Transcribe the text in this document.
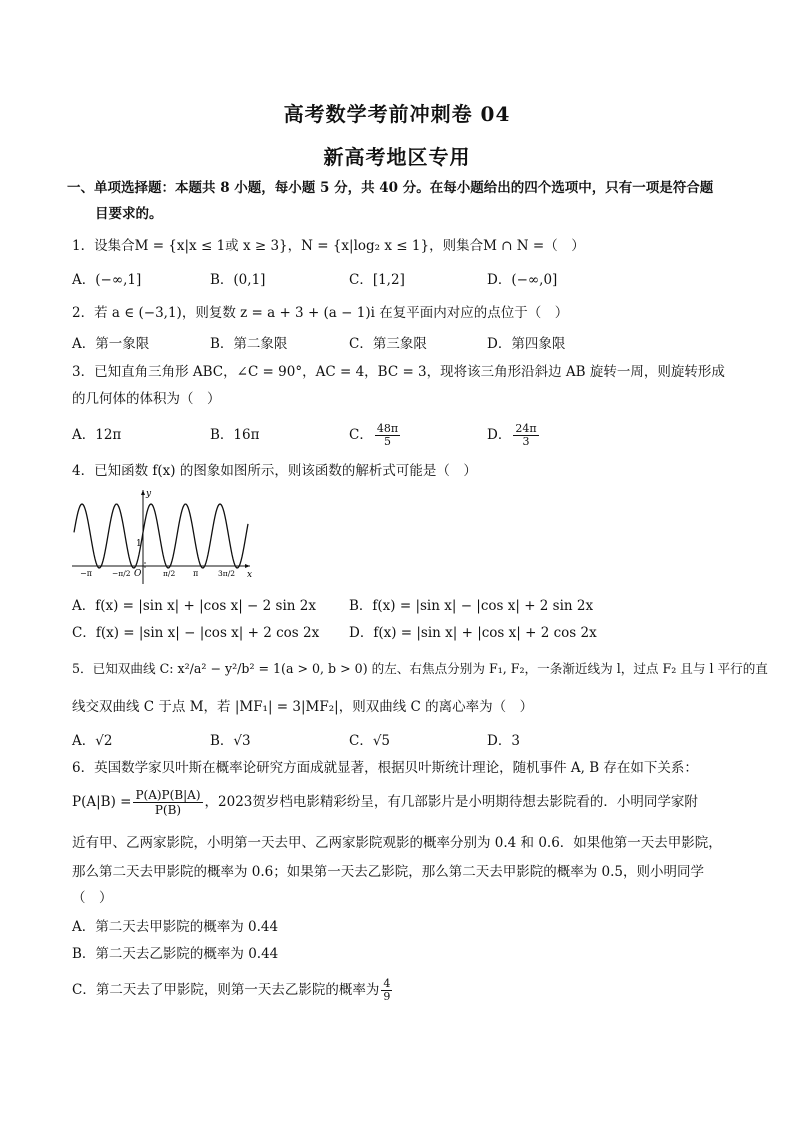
高考数学考前冲刺卷 04
新高考地区专用
一、单项选择题：本题共 8 小题，每小题 5 分，共 40 分。在每小题给出的四个选项中，只有一项是符合题
目要求的。
1．设集合M = {x|x ≤ 1或 x ≥ 3}，N = {x|log₂ x ≤ 1}，则集合M ∩ N =（　）
A．(−∞,1]	B．(0,1]	C．[1,2]	D．(−∞,0]
2．若 a ∈ (−3,1)，则复数 z = a + 3 + (a − 1)i 在复平面内对应的点位于（　）
A．第一象限	B．第二象限	C．第三象限	D．第四象限
3．已知直角三角形 ABC，∠C = 90°，AC = 4，BC = 3，现将该三角形沿斜边 AB 旋转一周，则旋转形成
的几何体的体积为（　）
A．12π	B．16π	C． $\frac{48\pi}{5}$	D． $\frac{24\pi}{3}$
4．已知函数 f(x) 的图象如图所示，则该函数的解析式可能是（　）
y
x
O
1
−π	−π/2	π/2 π	3π/2
A．f(x) = |sin x| + |cos x| − 2 sin 2x B．f(x) = |sin x| − |cos x| + 2 sin 2x
C．f(x) = |sin x| − |cos x| + 2 cos 2x D．f(x) = |sin x| + |cos x| + 2 cos 2x
5．已知双曲线 C: x²/a² − y²/b² = 1(a > 0, b > 0) 的左、右焦点分别为 F₁, F₂，一条渐近线为 l，过点 F₂ 且与 l 平行的直
线交双曲线 C 于点 M，若 |MF₁| = 3|MF₂|，则双曲线 C 的离心率为（　）
A．√2	B．√3	C．√5	D．3
6．英国数学家贝叶斯在概率论研究方面成就显著，根据贝叶斯统计理论，随机事件 A, B 存在如下关系：
$P(A|B) = \frac{P(A)P(B|A)}{P(B)}$ ，2023贺岁档电影精彩纷呈，有几部影片是小明期待想去影院看的．小明同学家附
近有甲、乙两家影院，小明第一天去甲、乙两家影院观影的概率分别为 0.4 和 0.6．如果他第一天去甲影院，
那么第二天去甲影院的概率为 0.6；如果第一天去乙影院，那么第二天去甲影院的概率为 0.5，则小明同学
（　）
A．第二天去甲影院的概率为 0.44
B．第二天去乙影院的概率为 0.44
C．第二天去了甲影院，则第一天去乙影院的概率为 $\frac{4}{9}$
